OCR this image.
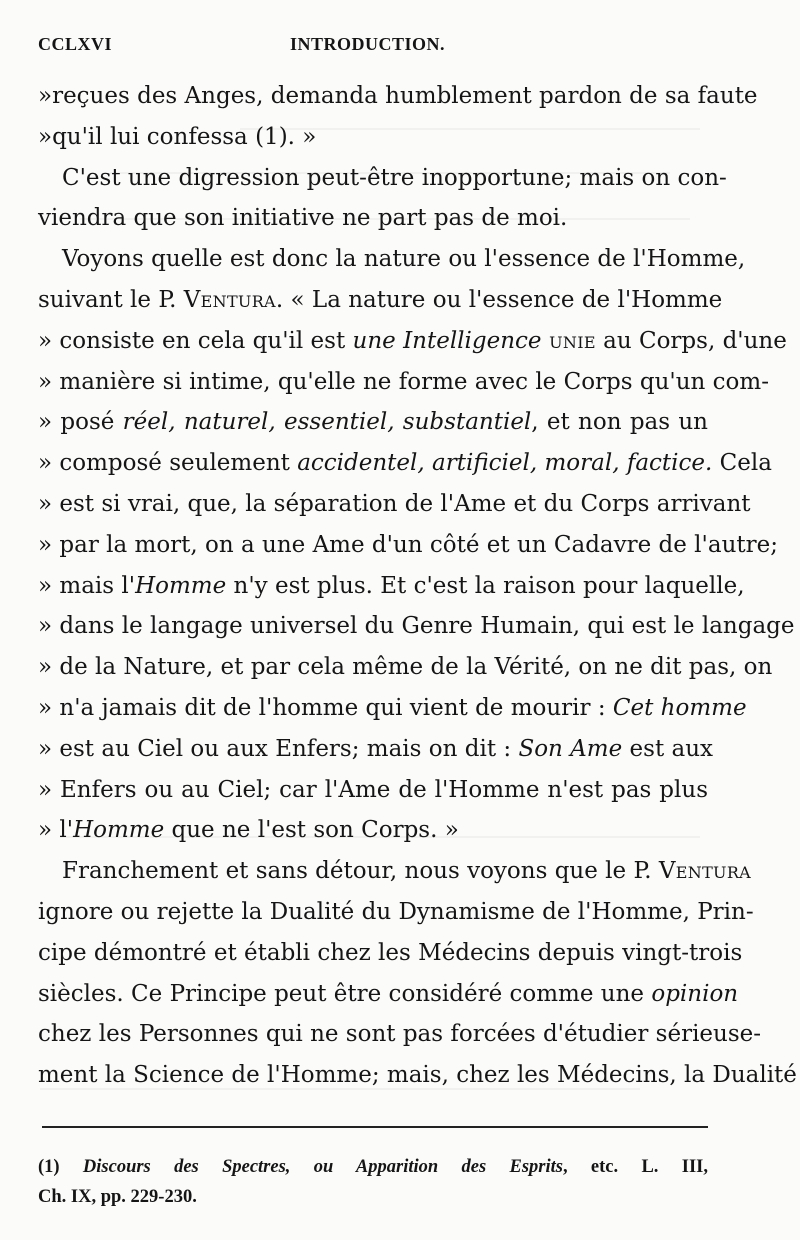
CCLXVI	INTRODUCTION.
»reçues des Anges, demanda humblement pardon de sa faute
»qu'il lui confessa (1). »
C'est une digression peut-être inopportune; mais on con-
viendra que son initiative ne part pas de moi.
Voyons quelle est donc la nature ou l'essence de l'Homme,
suivant le P. Ventura. « La nature ou l'essence de l'Homme
» consiste en cela qu'il est une Intelligence unie au Corps, d'une
» manière si intime, qu'elle ne forme avec le Corps qu'un com-
» posé réel, naturel, essentiel, substantiel, et non pas un
» composé seulement accidentel, artificiel, moral, factice. Cela
» est si vrai, que, la séparation de l'Ame et du Corps arrivant
» par la mort, on a une Ame d'un côté et un Cadavre de l'autre;
» mais l'Homme n'y est plus. Et c'est la raison pour laquelle,
» dans le langage universel du Genre Humain, qui est le langage
» de la Nature, et par cela même de la Vérité, on ne dit pas, on
» n'a jamais dit de l'homme qui vient de mourir : Cet homme
» est au Ciel ou aux Enfers; mais on dit : Son Ame est aux
» Enfers ou au Ciel; car l'Ame de l'Homme n'est pas plus
» l'Homme que ne l'est son Corps. »
Franchement et sans détour, nous voyons que le P. Ventura
ignore ou rejette la Dualité du Dynamisme de l'Homme, Prin-
cipe démontré et établi chez les Médecins depuis vingt-trois
siècles. Ce Principe peut être considéré comme une opinion
chez les Personnes qui ne sont pas forcées d'étudier sérieuse-
ment la Science de l'Homme; mais, chez les Médecins, la Dualité
(1) Discours des Spectres, ou Apparition des Esprits, etc. L. III,
Ch. IX, pp. 229-230.
